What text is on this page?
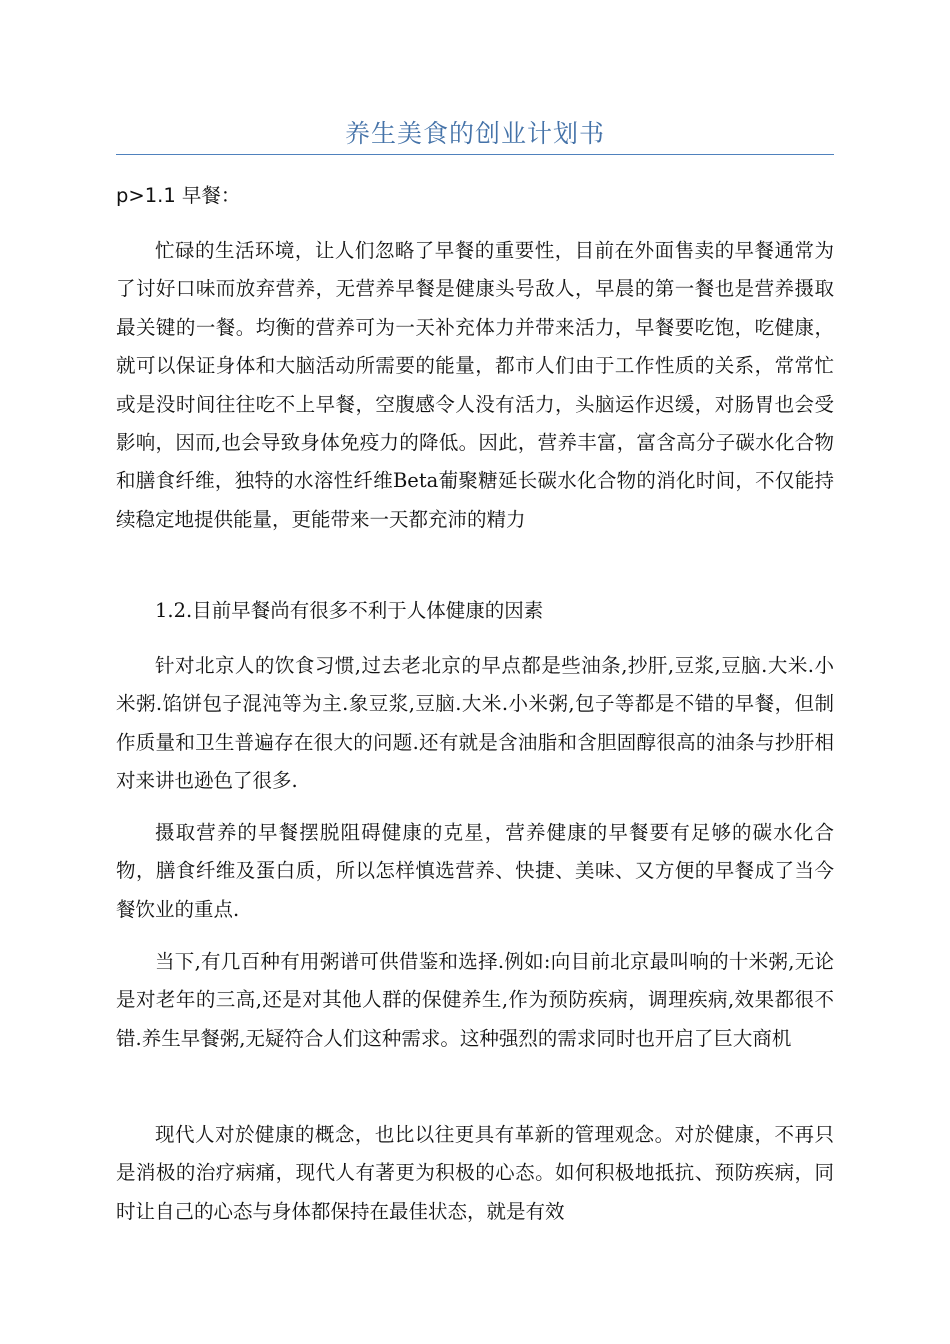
养生美食的创业计划书

p>1.1 早餐：

忙碌的生活环境，让人们忽略了早餐的重要性，目前在外面售卖的早餐通常为了讨好口味而放弃营养，无营养早餐是健康头号敌人，早晨的第一餐也是营养摄取最关键的一餐。均衡的营养可为一天补充体力并带来活力，早餐要吃饱，吃健康，就可以保证身体和大脑活动所需要的能量，都市人们由于工作性质的关系，常常忙或是没时间往往吃不上早餐，空腹感令人没有活力，头脑运作迟缓，对肠胃也会受影响，因而,也会导致身体免疫力的降低。因此，营养丰富，富含高分子碳水化合物和膳食纤维，独特的水溶性纤维Beta葡聚糖延长碳水化合物的消化时间，不仅能持续稳定地提供能量，更能带来一天都充沛的精力

1.2.目前早餐尚有很多不利于人体健康的因素

针对北京人的饮食习惯,过去老北京的早点都是些油条,抄肝,豆浆,豆脑.大米.小米粥.馅饼包子混沌等为主.象豆浆,豆脑.大米.小米粥,包子等都是不错的早餐，但制作质量和卫生普遍存在很大的问题.还有就是含油脂和含胆固醇很高的油条与抄肝相对来讲也逊色了很多.

摄取营养的早餐摆脱阻碍健康的克星，营养健康的早餐要有足够的碳水化合物，膳食纤维及蛋白质，所以怎样慎选营养、快捷、美味、又方便的早餐成了当今餐饮业的重点.

当下,有几百种有用粥谱可供借鉴和选择.例如:向目前北京最叫响的十米粥,无论是对老年的三高,还是对其他人群的保健养生,作为预防疾病，调理疾病,效果都很不错.养生早餐粥,无疑符合人们这种需求。这种强烈的需求同时也开启了巨大商机

现代人对於健康的概念，也比以往更具有革新的管理观念。对於健康，不再只是消极的治疗病痛，现代人有著更为积极的心态。如何积极地抵抗、预防疾病，同时让自己的心态与身体都保持在最佳状态，就是有效
